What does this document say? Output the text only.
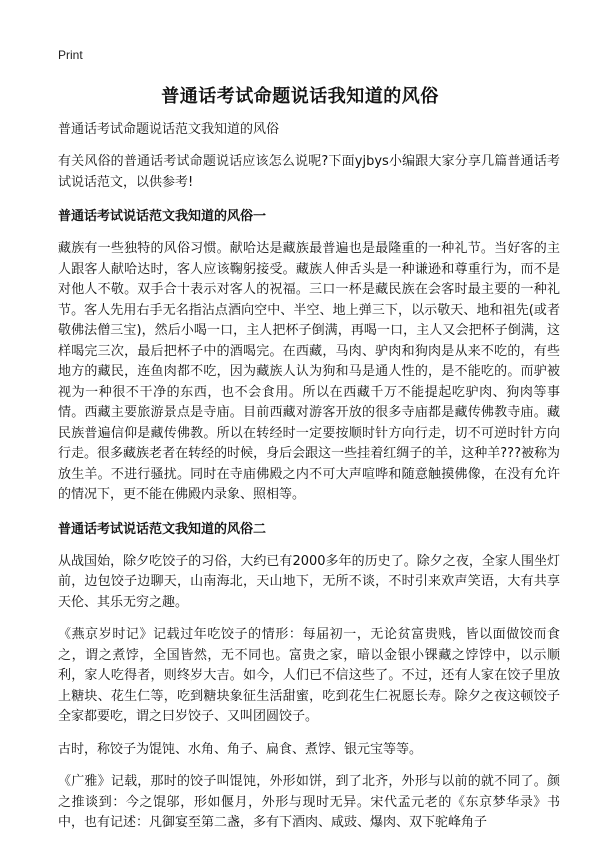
Print
普通话考试命题说话我知道的风俗
普通话考试命题说话范文我知道的风俗

有关风俗的普通话考试命题说话应该怎么说呢?下面yjbys小编跟大家分享几篇普通话考试说话范文，以供参考!

普通话考试说话范文我知道的风俗一

藏族有一些独特的风俗习惯。献哈达是藏族最普遍也是最隆重的一种礼节。当好客的主人跟客人献哈达时，客人应该鞠躬接受。藏族人伸舌头是一种谦逊和尊重行为，而不是对他人不敬。双手合十表示对客人的祝福。三口一杯是藏民族在会客时最主要的一种礼节。客人先用右手无名指沾点酒向空中、半空、地上弹三下，以示敬天、地和祖先(或者敬佛法僧三宝)，然后小喝一口，主人把杯子倒满，再喝一口，主人又会把杯子倒满，这样喝完三次，最后把杯子中的酒喝完。在西藏，马肉、驴肉和狗肉是从来不吃的，有些地方的藏民，连鱼肉都不吃，因为藏族人认为狗和马是通人性的，是不能吃的。而驴被视为一种很不干净的东西，也不会食用。所以在西藏千万不能提起吃驴肉、狗肉等事情。西藏主要旅游景点是寺庙。目前西藏对游客开放的很多寺庙都是藏传佛教寺庙。藏民族普遍信仰是藏传佛教。所以在转经时一定要按顺时针方向行走，切不可逆时针方向行走。很多藏族老者在转经的时候，身后会跟这一些挂着红绸子的羊，这种羊???被称为放生羊。不进行骚扰。同时在寺庙佛殿之内不可大声喧哗和随意触摸佛像，在没有允许的情况下，更不能在佛殿内录象、照相等。

普通话考试说话范文我知道的风俗二

从战国始，除夕吃饺子的习俗，大约已有2000多年的历史了。除夕之夜，全家人围坐灯前，边包饺子边聊天，山南海北，天山地下，无所不谈，不时引来欢声笑语，大有共享天伦、其乐无穷之趣。

《燕京岁时记》记载过年吃饺子的情形：每届初一，无论贫富贵贱，皆以面做饺而食之，谓之煮饽，全国皆然，无不同也。富贵之家，暗以金银小锞藏之饽饽中，以示顺利，家人吃得者，则终岁大吉。如今，人们已不信这些了。不过，还有人家在饺子里放上糖块、花生仁等，吃到糖块象征生活甜蜜，吃到花生仁祝愿长寿。除夕之夜这顿饺子全家都要吃，谓之曰岁饺子、又叫团圆饺子。

古时，称饺子为馄饨、水角、角子、扁食、煮饽、银元宝等等。

《广雅》记载，那时的饺子叫馄饨，外形如饼，到了北齐，外形与以前的就不同了。颜之推谈到：今之馄邬，形如偃月，外形与现时无异。宋代孟元老的《东京梦华录》书中，也有记述：凡御宴至第二盏，多有下酒肉、咸豉、爆肉、双下驼峰角子
